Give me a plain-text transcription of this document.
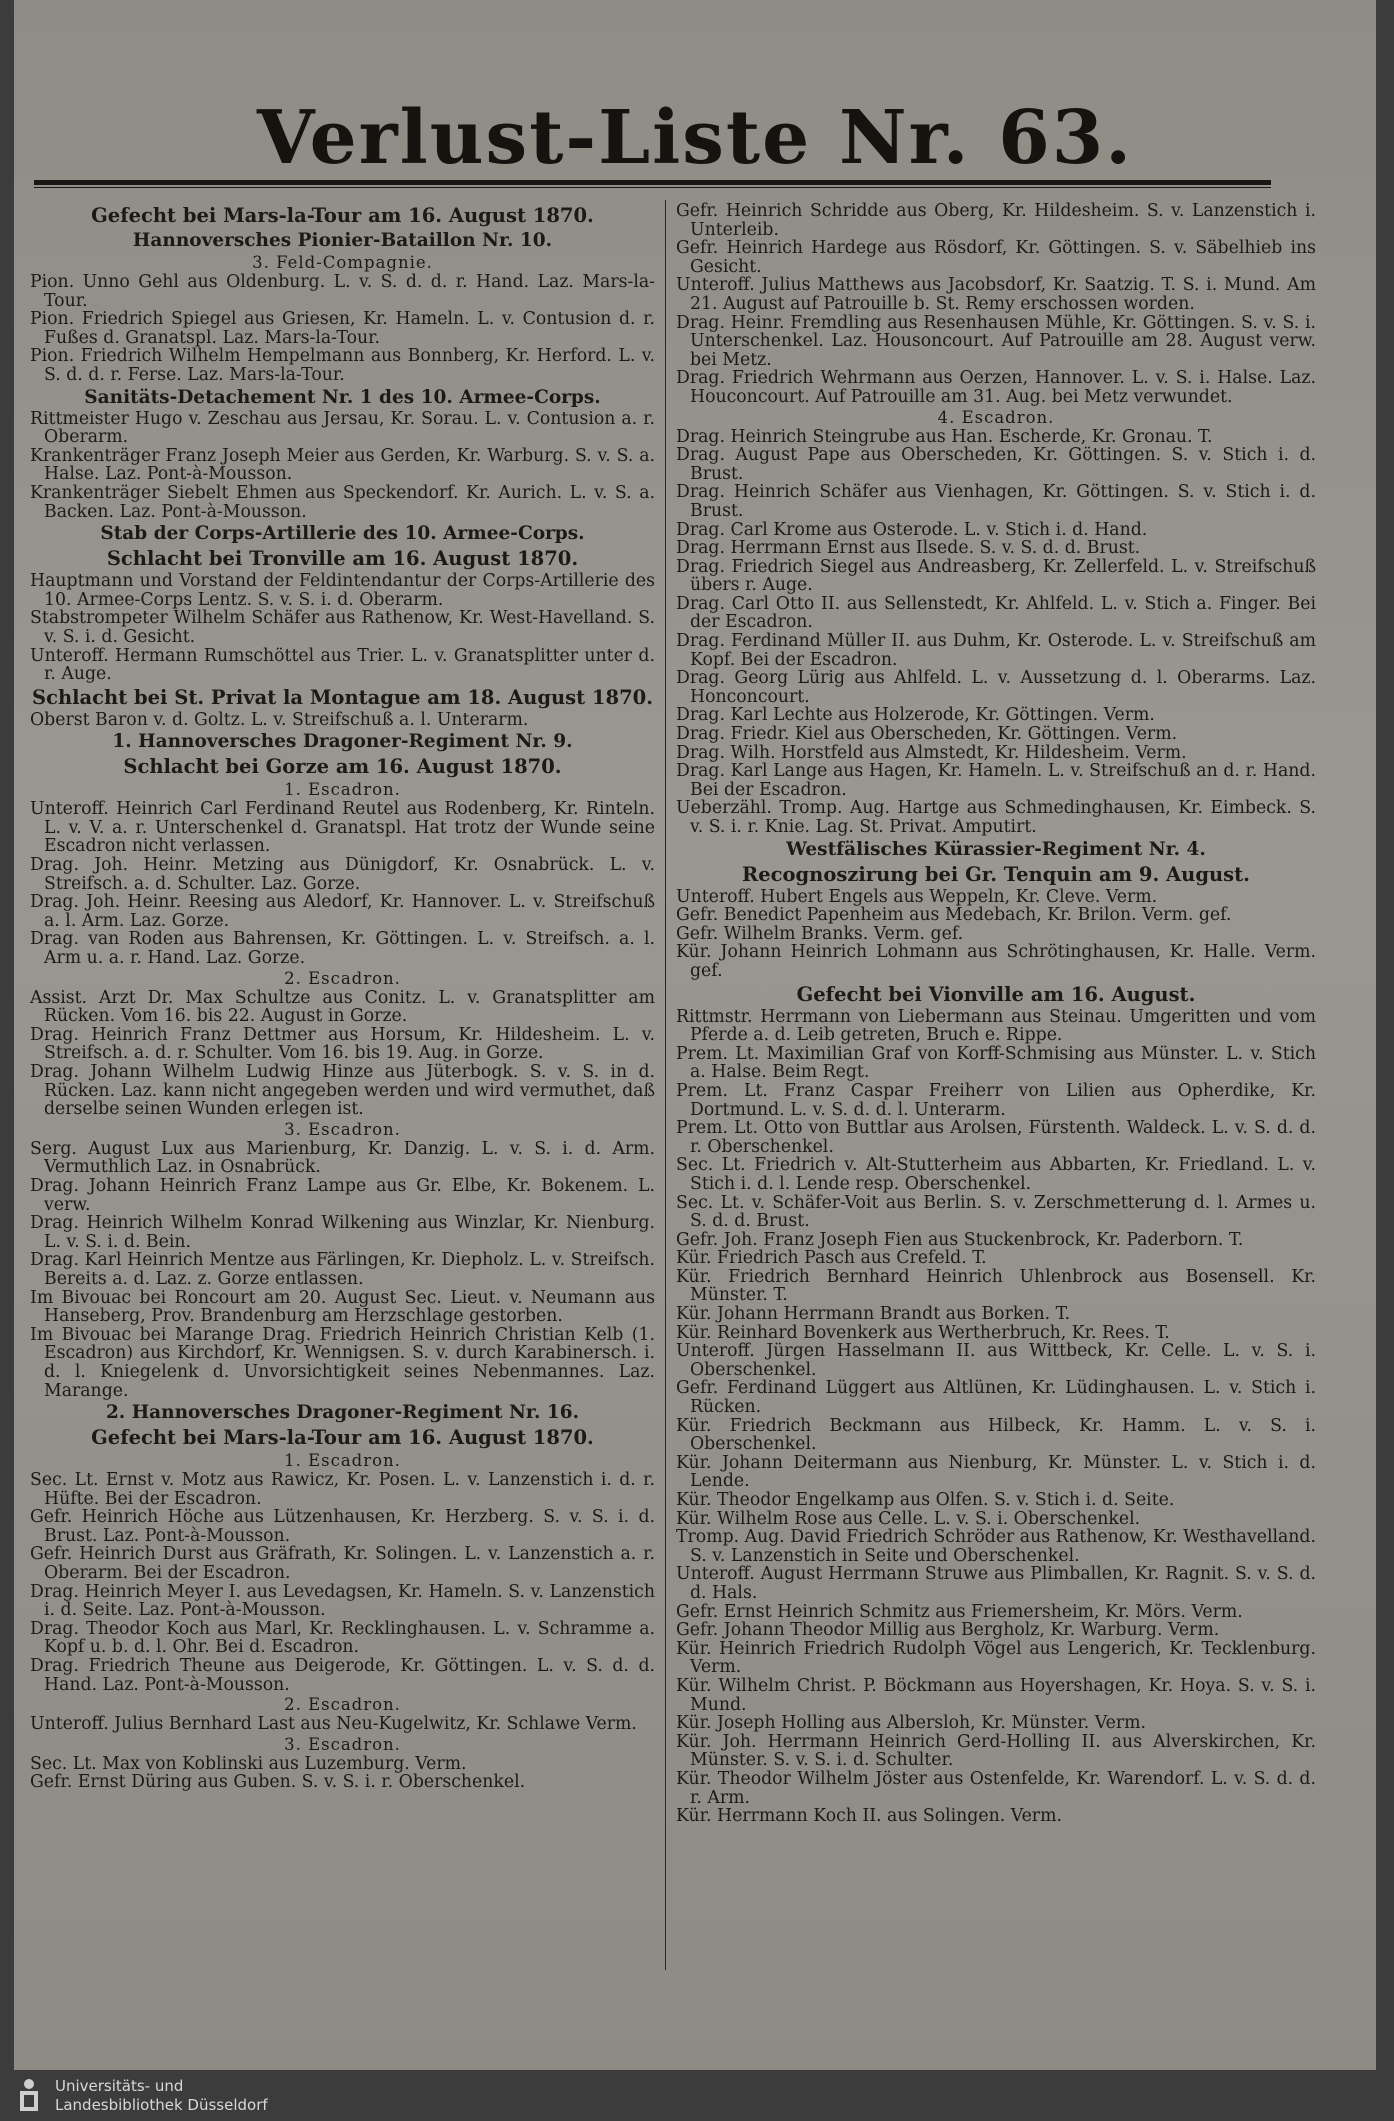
Verlust-Liste Nr. 63.
Gefecht bei Mars-la-Tour am 16. August 1870.
Hannoversches Pionier-Bataillon Nr. 10.
3. Feld-Compagnie.
Pion. Unno Gehl aus Oldenburg. L. v. S. d. d. r. Hand. Laz. Mars-la-Tour.
Pion. Friedrich Spiegel aus Griesen, Kr. Hameln. L. v. Contusion d. r. Fußes d. Granatspl. Laz. Mars-la-Tour.
Pion. Friedrich Wilhelm Hempelmann aus Bonnberg, Kr. Herford. L. v. S. d. d. r. Ferse. Laz. Mars-la-Tour.
Sanitäts-Detachement Nr. 1 des 10. Armee-Corps.
Rittmeister Hugo v. Zeschau aus Jersau, Kr. Sorau. L. v. Contusion a. r. Oberarm.
Krankenträger Franz Joseph Meier aus Gerden, Kr. Warburg. S. v. S. a. Halse. Laz. Pont-à-Mousson.
Krankenträger Siebelt Ehmen aus Speckendorf. Kr. Aurich. L. v. S. a. Backen. Laz. Pont-à-Mousson.
Stab der Corps-Artillerie des 10. Armee-Corps.
Schlacht bei Tronville am 16. August 1870.
Hauptmann und Vorstand der Feldintendantur der Corps-Artillerie des 10. Armee-Corps Lentz. S. v. S. i. d. Oberarm.
Stabstrompeter Wilhelm Schäfer aus Rathenow, Kr. West-Havelland. S. v. S. i. d. Gesicht.
Unteroff. Hermann Rumschöttel aus Trier. L. v. Granatsplitter unter d. r. Auge.
Schlacht bei St. Privat la Montague am 18. August 1870.
Oberst Baron v. d. Goltz. L. v. Streifschuß a. l. Unterarm.
1. Hannoversches Dragoner-Regiment Nr. 9.
Schlacht bei Gorze am 16. August 1870.
1. Escadron.
Unteroff. Heinrich Carl Ferdinand Reutel aus Rodenberg, Kr. Rinteln. L. v. V. a. r. Unterschenkel d. Granatspl. Hat trotz der Wunde seine Escadron nicht verlassen.
Drag. Joh. Heinr. Metzing aus Dünigdorf, Kr. Osnabrück. L. v. Streifsch. a. d. Schulter. Laz. Gorze.
Drag. Joh. Heinr. Reesing aus Aledorf, Kr. Hannover. L. v. Streifschuß a. l. Arm. Laz. Gorze.
Drag. van Roden aus Bahrensen, Kr. Göttingen. L. v. Streifsch. a. l. Arm u. a. r. Hand. Laz. Gorze.
2. Escadron.
Assist. Arzt Dr. Max Schultze aus Conitz. L. v. Granatsplitter am Rücken. Vom 16. bis 22. August in Gorze.
Drag. Heinrich Franz Dettmer aus Horsum, Kr. Hildesheim. L. v. Streifsch. a. d. r. Schulter. Vom 16. bis 19. Aug. in Gorze.
Drag. Johann Wilhelm Ludwig Hinze aus Jüterbogk. S. v. S. in d. Rücken. Laz. kann nicht angegeben werden und wird vermuthet, daß derselbe seinen Wunden erlegen ist.
3. Escadron.
Serg. August Lux aus Marienburg, Kr. Danzig. L. v. S. i. d. Arm. Vermuthlich Laz. in Osnabrück.
Drag. Johann Heinrich Franz Lampe aus Gr. Elbe, Kr. Bokenem. L. verw.
Drag. Heinrich Wilhelm Konrad Wilkening aus Winzlar, Kr. Nienburg. L. v. S. i. d. Bein.
Drag. Karl Heinrich Mentze aus Färlingen, Kr. Diepholz. L. v. Streifsch. Bereits a. d. Laz. z. Gorze entlassen.
Im Bivouac bei Roncourt am 20. August Sec. Lieut. v. Neumann aus Hanseberg, Prov. Brandenburg am Herzschlage gestorben.
Im Bivouac bei Marange Drag. Friedrich Heinrich Christian Kelb (1. Escadron) aus Kirchdorf, Kr. Wennigsen. S. v. durch Karabinersch. i. d. l. Kniegelenk d. Unvorsichtigkeit seines Nebenmannes. Laz. Marange.
2. Hannoversches Dragoner-Regiment Nr. 16.
Gefecht bei Mars-la-Tour am 16. August 1870.
1. Escadron.
Sec. Lt. Ernst v. Motz aus Rawicz, Kr. Posen. L. v. Lanzenstich i. d. r. Hüfte. Bei der Escadron.
Gefr. Heinrich Höche aus Lützenhausen, Kr. Herzberg. S. v. S. i. d. Brust. Laz. Pont-à-Mousson.
Gefr. Heinrich Durst aus Gräfrath, Kr. Solingen. L. v. Lanzenstich a. r. Oberarm. Bei der Escadron.
Drag. Heinrich Meyer I. aus Levedagsen, Kr. Hameln. S. v. Lanzenstich i. d. Seite. Laz. Pont-à-Mousson.
Drag. Theodor Koch aus Marl, Kr. Recklinghausen. L. v. Schramme a. Kopf u. b. d. l. Ohr. Bei d. Escadron.
Drag. Friedrich Theune aus Deigerode, Kr. Göttingen. L. v. S. d. d. Hand. Laz. Pont-à-Mousson.
2. Escadron.
Unteroff. Julius Bernhard Last aus Neu-Kugelwitz, Kr. Schlawe Verm.
3. Escadron.
Sec. Lt. Max von Koblinski aus Luzemburg. Verm.
Gefr. Ernst Düring aus Guben. S. v. S. i. r. Oberschenkel.
Gefr. Heinrich Schridde aus Oberg, Kr. Hildesheim. S. v. Lanzenstich i. Unterleib.
Gefr. Heinrich Hardege aus Rösdorf, Kr. Göttingen. S. v. Säbelhieb ins Gesicht.
Unteroff. Julius Matthews aus Jacobsdorf, Kr. Saatzig. T. S. i. Mund. Am 21. August auf Patrouille b. St. Remy erschossen worden.
Drag. Heinr. Fremdling aus Resenhausen Mühle, Kr. Göttingen. S. v. S. i. Unterschenkel. Laz. Housoncourt. Auf Patrouille am 28. August verw. bei Metz.
Drag. Friedrich Wehrmann aus Oerzen, Hannover. L. v. S. i. Halse. Laz. Houconcourt. Auf Patrouille am 31. Aug. bei Metz verwundet.
4. Escadron.
Drag. Heinrich Steingrube aus Han. Escherde, Kr. Gronau. T.
Drag. August Pape aus Oberscheden, Kr. Göttingen. S. v. Stich i. d. Brust.
Drag. Heinrich Schäfer aus Vienhagen, Kr. Göttingen. S. v. Stich i. d. Brust.
Drag. Carl Krome aus Osterode. L. v. Stich i. d. Hand.
Drag. Herrmann Ernst aus Ilsede. S. v. S. d. d. Brust.
Drag. Friedrich Siegel aus Andreasberg, Kr. Zellerfeld. L. v. Streifschuß übers r. Auge.
Drag. Carl Otto II. aus Sellenstedt, Kr. Ahlfeld. L. v. Stich a. Finger. Bei der Escadron.
Drag. Ferdinand Müller II. aus Duhm, Kr. Osterode. L. v. Streifschuß am Kopf. Bei der Escadron.
Drag. Georg Lürig aus Ahlfeld. L. v. Aussetzung d. l. Oberarms. Laz. Honconcourt.
Drag. Karl Lechte aus Holzerode, Kr. Göttingen. Verm.
Drag. Friedr. Kiel aus Oberscheden, Kr. Göttingen. Verm.
Drag. Wilh. Horstfeld aus Almstedt, Kr. Hildesheim. Verm.
Drag. Karl Lange aus Hagen, Kr. Hameln. L. v. Streifschuß an d. r. Hand. Bei der Escadron.
Ueberzähl. Tromp. Aug. Hartge aus Schmedinghausen, Kr. Eimbeck. S. v. S. i. r. Knie. Lag. St. Privat. Amputirt.
Westfälisches Kürassier-Regiment Nr. 4.
Recognoszirung bei Gr. Tenquin am 9. August.
Unteroff. Hubert Engels aus Weppeln, Kr. Cleve. Verm.
Gefr. Benedict Papenheim aus Medebach, Kr. Brilon. Verm. gef.
Gefr. Wilhelm Branks. Verm. gef.
Kür. Johann Heinrich Lohmann aus Schrötinghausen, Kr. Halle. Verm. gef.
Gefecht bei Vionville am 16. August.
Rittmstr. Herrmann von Liebermann aus Steinau. Umgeritten und vom Pferde a. d. Leib getreten, Bruch e. Rippe.
Prem. Lt. Maximilian Graf von Korff-Schmising aus Münster. L. v. Stich a. Halse. Beim Regt.
Prem. Lt. Franz Caspar Freiherr von Lilien aus Opherdike, Kr. Dortmund. L. v. S. d. d. l. Unterarm.
Prem. Lt. Otto von Buttlar aus Arolsen, Fürstenth. Waldeck. L. v. S. d. d. r. Oberschenkel.
Sec. Lt. Friedrich v. Alt-Stutterheim aus Abbarten, Kr. Friedland. L. v. Stich i. d. l. Lende resp. Oberschenkel.
Sec. Lt. v. Schäfer-Voit aus Berlin. S. v. Zerschmetterung d. l. Armes u. S. d. d. Brust.
Gefr. Joh. Franz Joseph Fien aus Stuckenbrock, Kr. Paderborn. T.
Kür. Friedrich Pasch aus Crefeld. T.
Kür. Friedrich Bernhard Heinrich Uhlenbrock aus Bosensell. Kr. Münster. T.
Kür. Johann Herrmann Brandt aus Borken. T.
Kür. Reinhard Bovenkerk aus Wertherbruch, Kr. Rees. T.
Unteroff. Jürgen Hasselmann II. aus Wittbeck, Kr. Celle. L. v. S. i. Oberschenkel.
Gefr. Ferdinand Lüggert aus Altlünen, Kr. Lüdinghausen. L. v. Stich i. Rücken.
Kür. Friedrich Beckmann aus Hilbeck, Kr. Hamm. L. v. S. i. Oberschenkel.
Kür. Johann Deitermann aus Nienburg, Kr. Münster. L. v. Stich i. d. Lende.
Kür. Theodor Engelkamp aus Olfen. S. v. Stich i. d. Seite.
Kür. Wilhelm Rose aus Celle. L. v. S. i. Oberschenkel.
Tromp. Aug. David Friedrich Schröder aus Rathenow, Kr. Westhavelland. S. v. Lanzenstich in Seite und Oberschenkel.
Unteroff. August Herrmann Struwe aus Plimballen, Kr. Ragnit. S. v. S. d. d. Hals.
Gefr. Ernst Heinrich Schmitz aus Friemersheim, Kr. Mörs. Verm.
Gefr. Johann Theodor Millig aus Bergholz, Kr. Warburg. Verm.
Kür. Heinrich Friedrich Rudolph Vögel aus Lengerich, Kr. Tecklenburg. Verm.
Kür. Wilhelm Christ. P. Böckmann aus Hoyershagen, Kr. Hoya. S. v. S. i. Mund.
Kür. Joseph Holling aus Albersloh, Kr. Münster. Verm.
Kür. Joh. Herrmann Heinrich Gerd-Holling II. aus Alverskirchen, Kr. Münster. S. v. S. i. d. Schulter.
Kür. Theodor Wilhelm Jöster aus Ostenfelde, Kr. Warendorf. L. v. S. d. d. r. Arm.
Kür. Herrmann Koch II. aus Solingen. Verm.
Universitäts- und
Landesbibliothek Düsseldorf
